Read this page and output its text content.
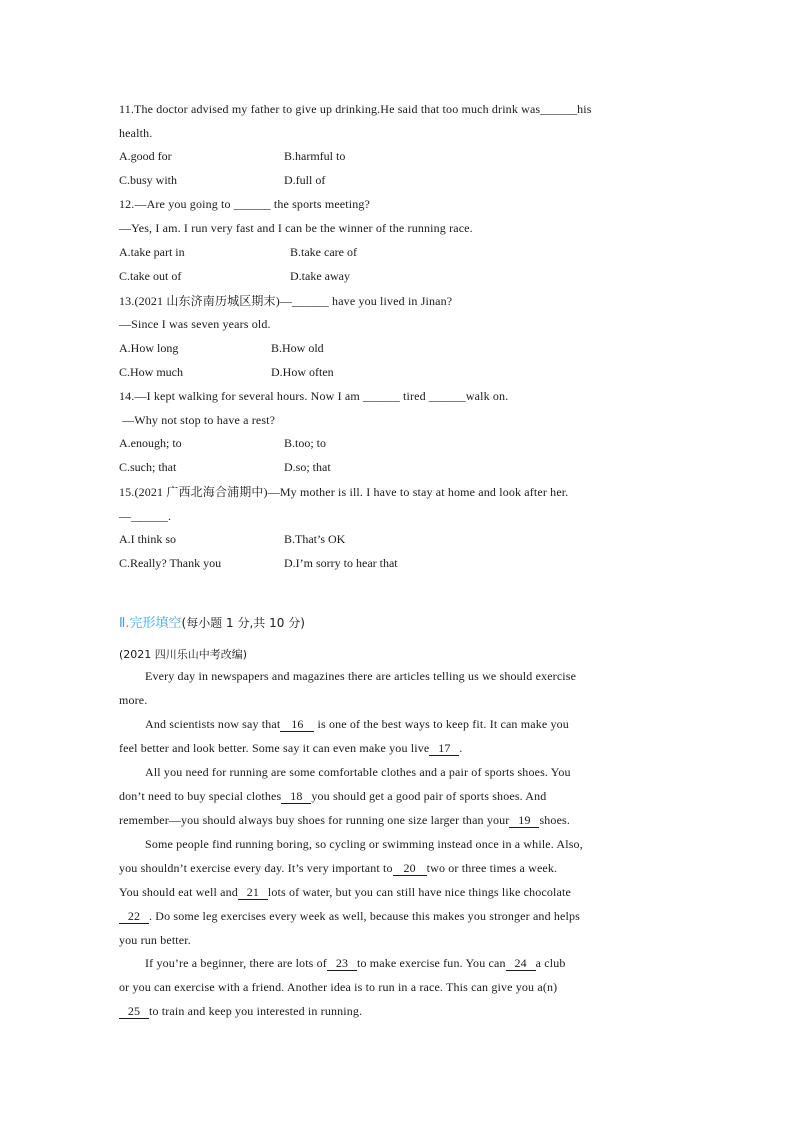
11.The doctor advised my father to give up drinking.He said that too much drink was______his
health.
A.good for	B.harmful to
C.busy with	D.full of
12.—Are you going to ______ the sports meeting?
—Yes, I am. I run very fast and I can be the winner of the running race.
A.take part in	B.take care of
C.take out of	D.take away
13.(2021 山东济南历城区期末)—______ have you lived in Jinan?
—Since I was seven years old.
A.How long	B.How old
C.How much	D.How often
14.—I kept walking for several hours. Now I am ______ tired ______walk on.
—Why not stop to have a rest?
A.enough; to	B.too; to
C.such; that	D.so; that
15.(2021 广西北海合浦期中)—My mother is ill. I have to stay at home and look after her.
—______.
A.I think so	B.That’s OK
C.Really? Thank you	D.I’m sorry to hear that
Ⅱ.完形填空(每小题 1 分,共 10 分)
(2021 四川乐山中考改编)
Every day in newspapers and magazines there are articles telling us we should exercise
more.
And scientists now say that 16 is one of the best ways to keep fit. It can make you
feel better and look better. Some say it can even make you live 17 .
All you need for running are some comfortable clothes and a pair of sports shoes. You
don’t need to buy special clothes 18 you should get a good pair of sports shoes. And
remember—you should always buy shoes for running one size larger than your 19 shoes.
Some people find running boring, so cycling or swimming instead once in a while. Also,
you shouldn’t exercise every day. It’s very important to 20 two or three times a week.
You should eat well and 21 lots of water, but you can still have nice things like chocolate
22 . Do some leg exercises every week as well, because this makes you stronger and helps
you run better.
If you’re a beginner, there are lots of 23 to make exercise fun. You can 24 a club
or you can exercise with a friend. Another idea is to run in a race. This can give you a(n)
25 to train and keep you interested in running.
